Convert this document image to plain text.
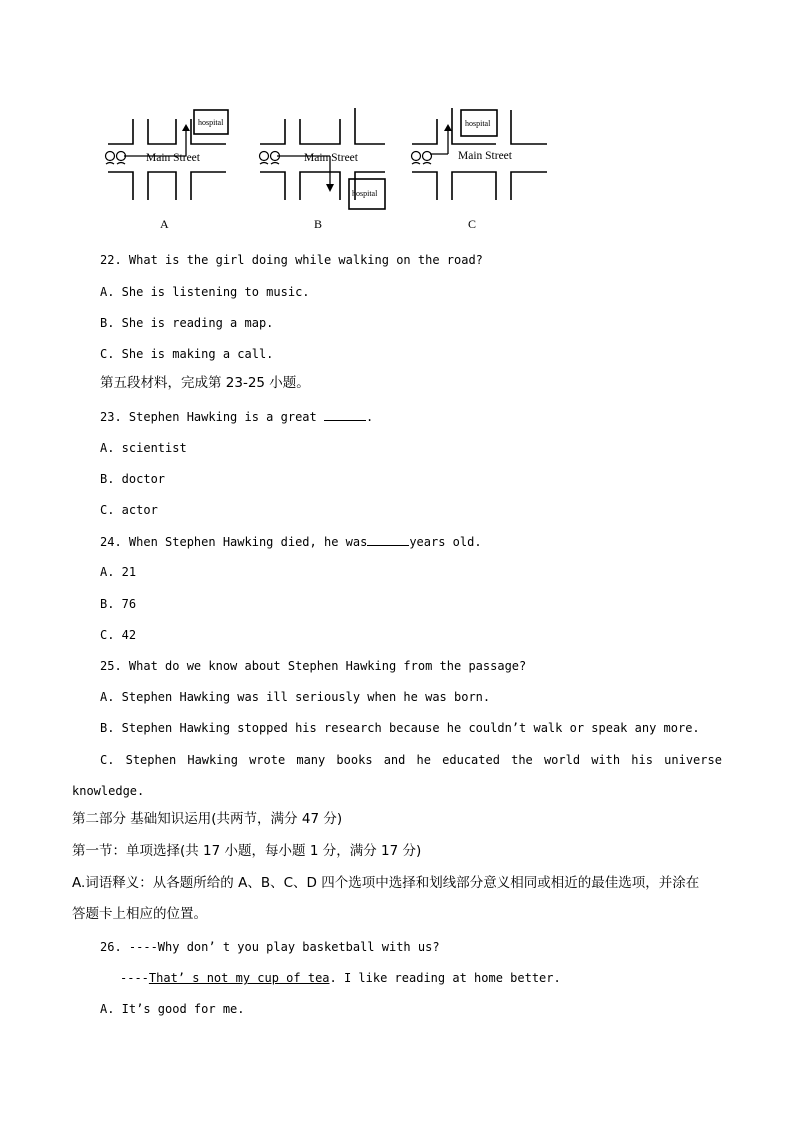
hospital
Main Street
A
hospital
Main Street
B
hospital
Main Street
C
22. What is the girl doing while walking on the road?
A. She is listening to music.
B. She is reading a map.
C. She is making a call.
第五段材料，完成第 23-25 小题。
23. Stephen Hawking is a great	.
A. scientist
B. doctor
C. actor
24. When Stephen Hawking died, he was	years old.
A. 21
B. 76
C. 42
25. What do we know about Stephen Hawking from the passage?
A. Stephen Hawking was ill seriously when he was born.
B. Stephen Hawking stopped his research because he couldn’t walk or speak any more.
C. Stephen Hawking wrote many books and he educated the world with his universe
knowledge.
第二部分 基础知识运用(共两节，满分 47 分)
第一节：单项选择(共 17 小题，每小题 1 分，满分 17 分)
A.词语释义：从各题所给的 A、B、C、D 四个选项中选择和划线部分意义相同或相近的最佳选项，并涂在
答题卡上相应的位置。
26. ----Why don’ t you play basketball with us?
----That’ s not my cup of tea. I like reading at home better.
A. It’s good for me.
